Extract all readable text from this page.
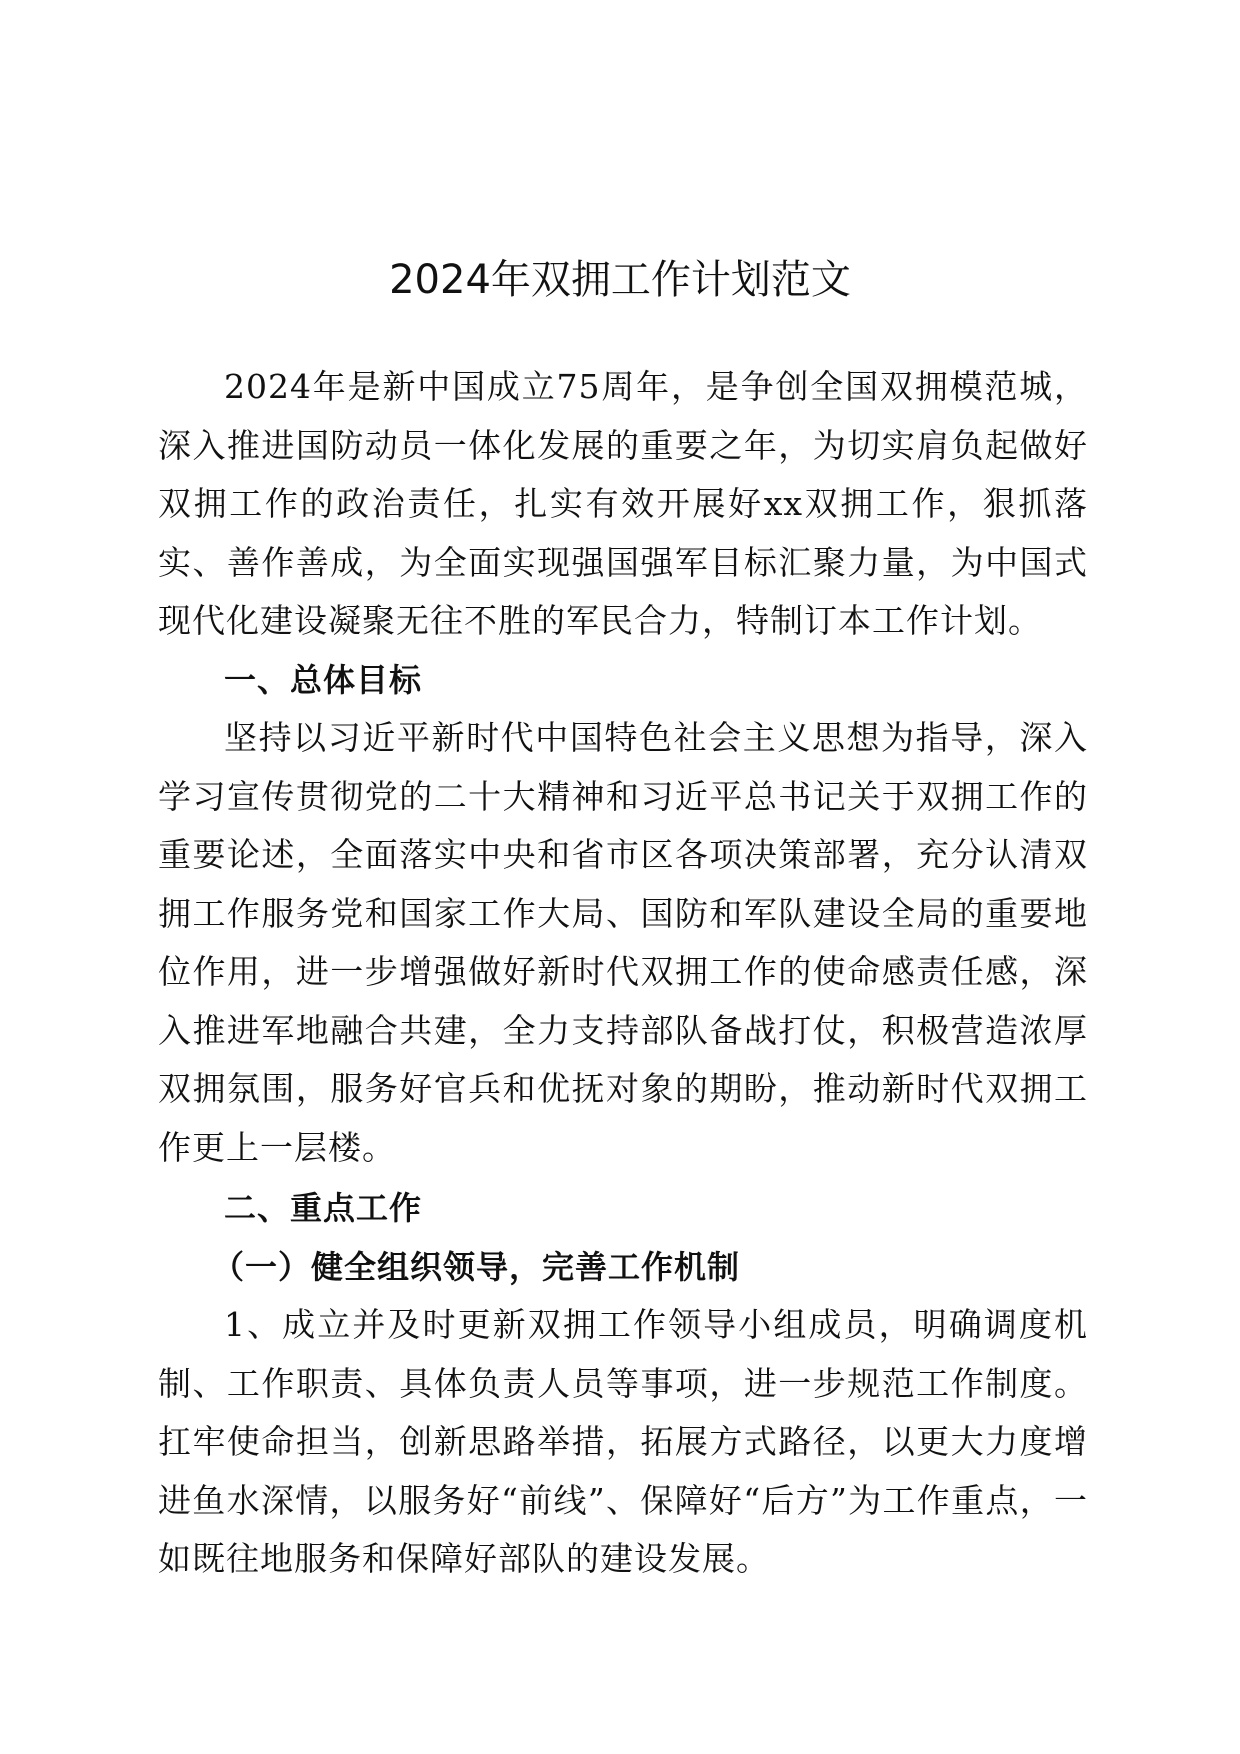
2024年双拥工作计划范文

2024年是新中国成立75周年，是争创全国双拥模范城，深入推进国防动员一体化发展的重要之年，为切实肩负起做好双拥工作的政治责任，扎实有效开展好xx双拥工作，狠抓落实、善作善成，为全面实现强国强军目标汇聚力量，为中国式现代化建设凝聚无往不胜的军民合力，特制订本工作计划。

一、总体目标

坚持以习近平新时代中国特色社会主义思想为指导，深入学习宣传贯彻党的二十大精神和习近平总书记关于双拥工作的重要论述，全面落实中央和省市区各项决策部署，充分认清双拥工作服务党和国家工作大局、国防和军队建设全局的重要地位作用，进一步增强做好新时代双拥工作的使命感责任感，深入推进军地融合共建，全力支持部队备战打仗，积极营造浓厚双拥氛围，服务好官兵和优抚对象的期盼，推动新时代双拥工作更上一层楼。

二、重点工作

（一）健全组织领导，完善工作机制

1、成立并及时更新双拥工作领导小组成员，明确调度机制、工作职责、具体负责人员等事项，进一步规范工作制度。扛牢使命担当，创新思路举措，拓展方式路径，以更大力度增进鱼水深情，以服务好“前线”、保障好“后方”为工作重点，一如既往地服务和保障好部队的建设发展。
